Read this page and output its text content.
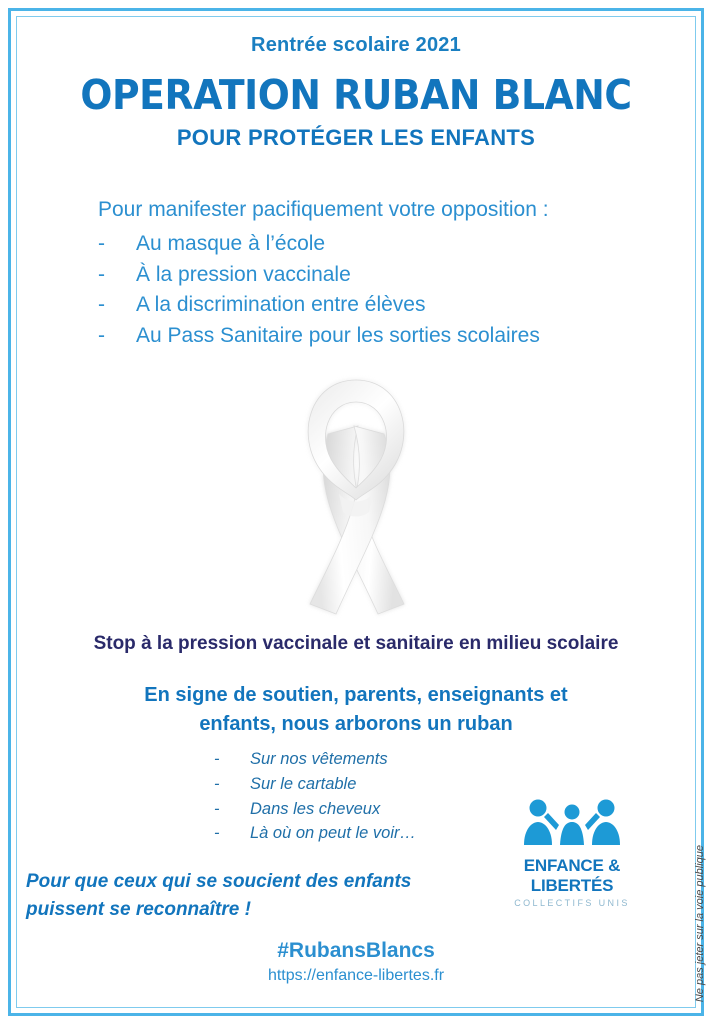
Rentrée scolaire 2021
OPERATION RUBAN BLANC
POUR PROTÉGER LES ENFANTS
Pour manifester pacifiquement votre opposition :
-	Au masque à l’école
-	À la pression vaccinale
-	A la discrimination entre élèves
-	Au Pass Sanitaire pour les sorties scolaires
Stop à la pression vaccinale et sanitaire en milieu scolaire
En signe de soutien, parents, enseignants et
enfants, nous arborons un ruban
-	Sur nos vêtements
-	Sur le cartable
-	Dans les cheveux
-	Là où on peut le voir…
Pour que ceux qui se soucient des enfants
puissent se reconnaître !
#RubansBlancs
https://enfance-libertes.fr
ENFANCE & LIBERTÉS
COLLECTIFS UNIS	Ne pas jeter sur la voie publique
